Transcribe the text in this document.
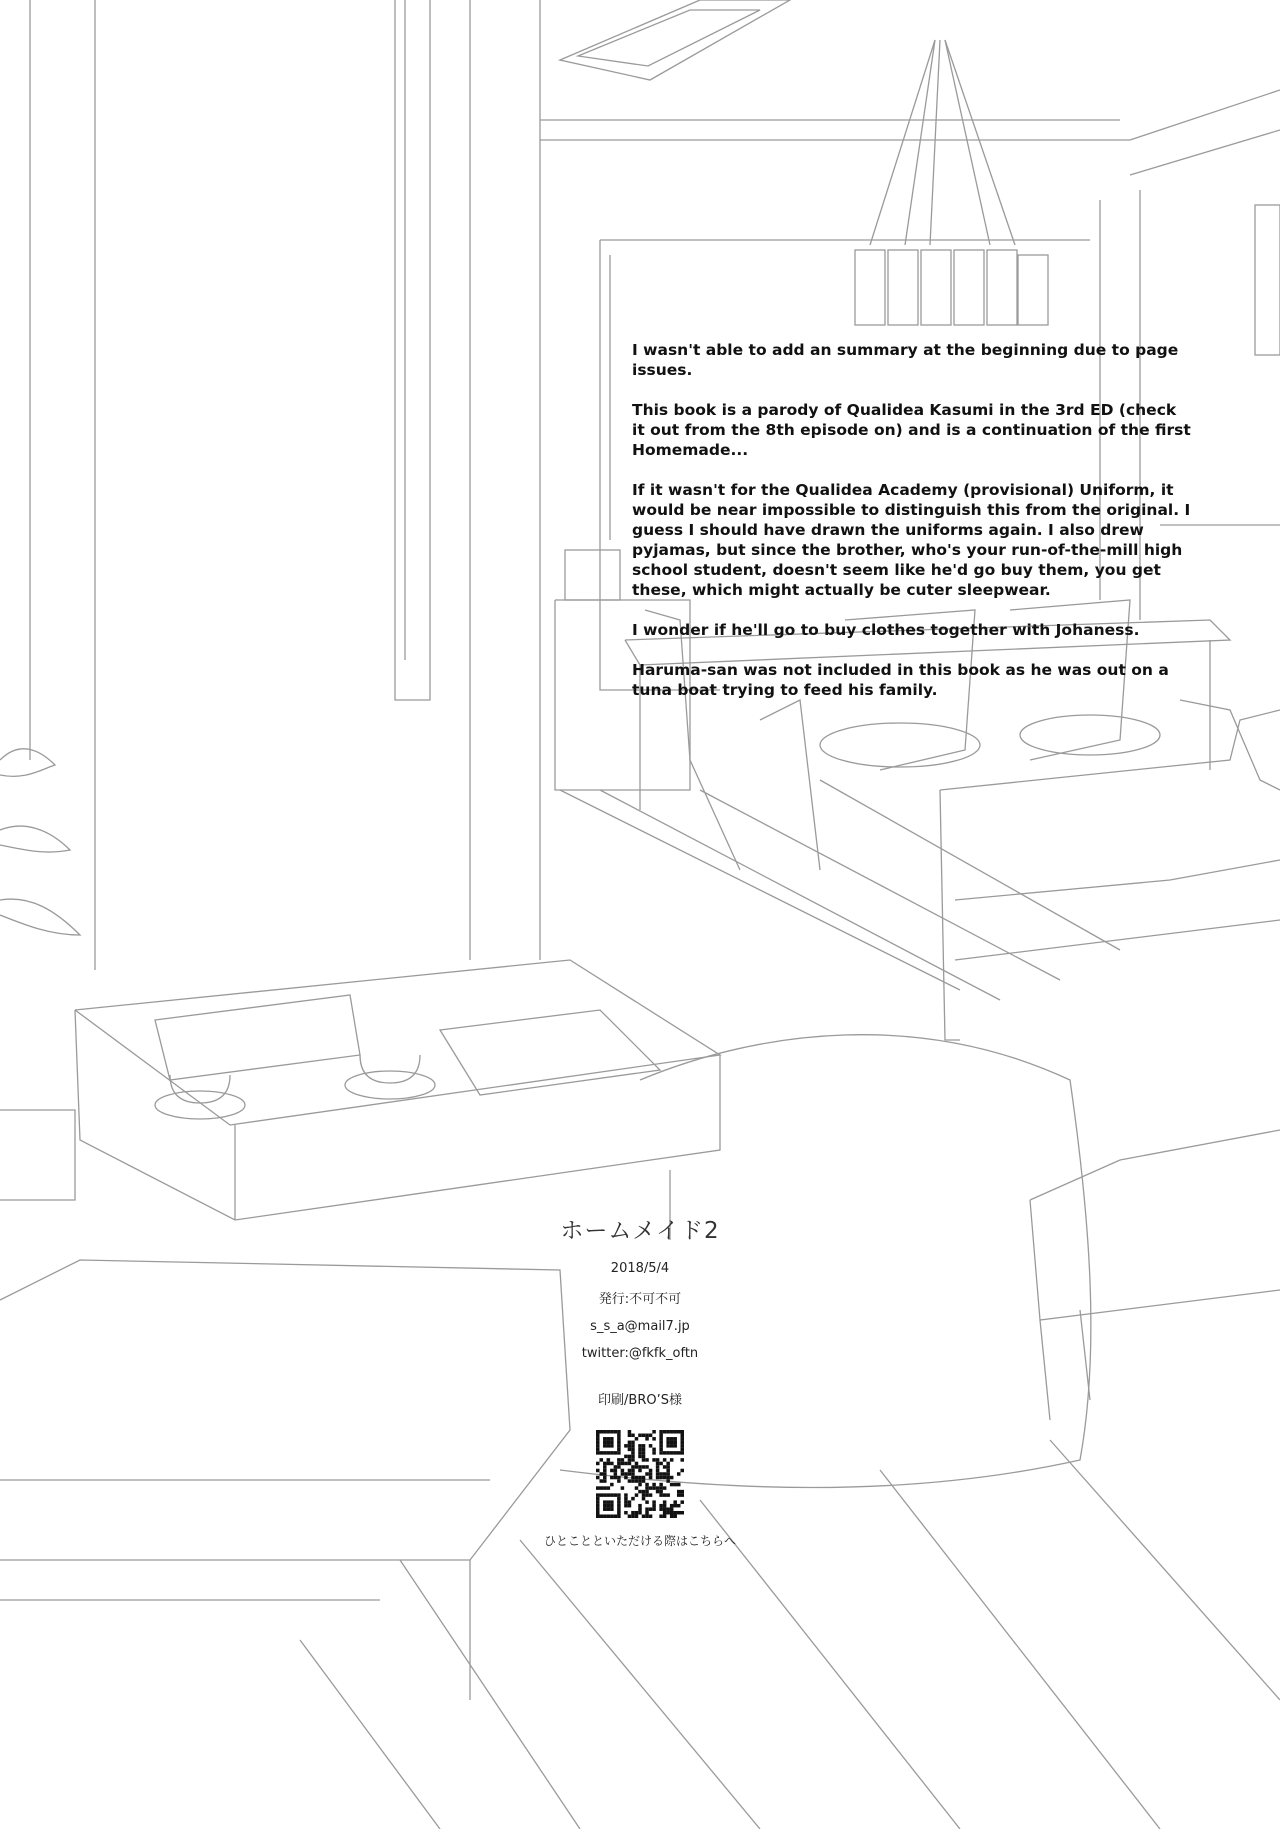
I wasn't able to add an summary at the beginning due to page issues.

This book is a parody of Qualidea Kasumi in the 3rd ED (check it out from the 8th episode on) and is a continuation of the first Homemade...

If it wasn't for the Qualidea Academy (provisional) Uniform, it would be near impossible to distinguish this from the original. I guess I should have drawn the uniforms again. I also drew pyjamas, but since the brother, who's your run-of-the-mill high school student, doesn't seem like he'd go buy them, you get these, which might actually be cuter sleepwear.

I wonder if he'll go to buy clothes together with Johaness.

Haruma-san was not included in this book as he was out on a tuna boat trying to feed his family.

ホームメイド2
2018/5/4
発行:不可不可
s_s_a@mail7.jp
twitter:@fkfk_oftn
印刷/BRO’S様
ひとことといただける際はこちらへ
